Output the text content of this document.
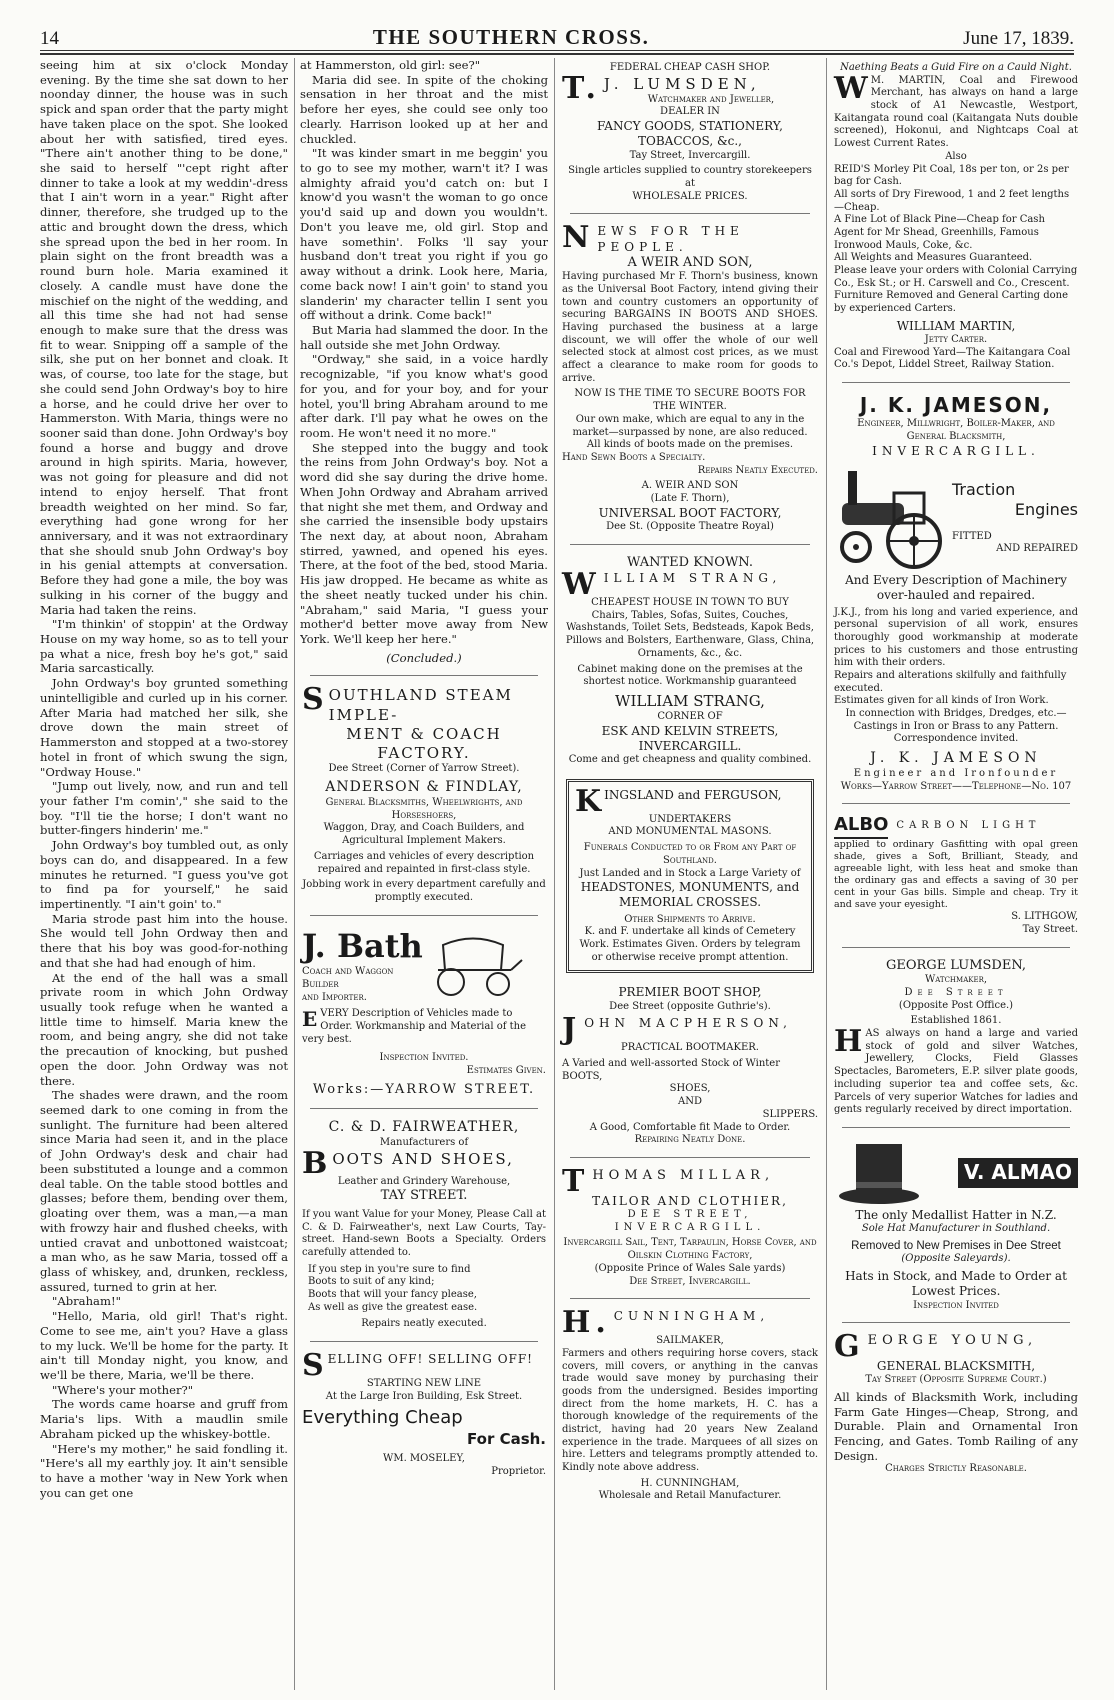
14	THE SOUTHERN CROSS.	June 17, 1839.

seeing him at six o'clock Monday evening. By the time she sat down to her noonday dinner, the house was in such spick and span order that the party might have taken place on the spot. She looked about her with satisfied, tired eyes. "There ain't another thing to be done," she said to herself "'cept right after dinner to take a look at my weddin'-dress that I ain't worn in a year." Right after dinner, therefore, she trudged up to the attic and brought down the dress, which she spread upon the bed in her room. In plain sight on the front breadth was a round burn hole. Maria examined it closely. A candle must have done the mischief on the night of the wedding, and all this time she had not had sense enough to make sure that the dress was fit to wear. Snipping off a sample of the silk, she put on her bonnet and cloak. It was, of course, too late for the stage, but she could send John Ordway's boy to hire a horse, and he could drive her over to Hammerston. With Maria, things were no sooner said than done. John Ordway's boy found a horse and buggy and drove around in high spirits. Maria, however, was not going for pleasure and did not intend to enjoy herself. That front breadth weighted on her mind. So far, everything had gone wrong for her anniversary, and it was not extraordinary that she should snub John Ordway's boy in his genial attempts at conversation. Before they had gone a mile, the boy was sulking in his corner of the buggy and Maria had taken the reins.

"I'm thinkin' of stoppin' at the Ordway House on my way home, so as to tell your pa what a nice, fresh boy he's got," said Maria sarcastically.

John Ordway's boy grunted something unintelligible and curled up in his corner. After Maria had matched her silk, she drove down the main street of Hammerston and stopped at a two-storey hotel in front of which swung the sign, "Ordway House."

"Jump out lively, now, and run and tell your father I'm comin'," she said to the boy. "I'll tie the horse; I don't want no butter-fingers hinderin' me."

John Ordway's boy tumbled out, as only boys can do, and disappeared. In a few minutes he returned. "I guess you've got to find pa for yourself," he said impertinently. "I ain't goin' to."

Maria strode past him into the house. She would tell John Ordway then and there that his boy was good-for-nothing and that she had had enough of him.

At the end of the hall was a small private room in which John Ordway usually took refuge when he wanted a little time to himself. Maria knew the room, and being angry, she did not take the precaution of knocking, but pushed open the door. John Ordway was not there.

The shades were drawn, and the room seemed dark to one coming in from the sunlight. The furniture had been altered since Maria had seen it, and in the place of John Ordway's desk and chair had been substituted a lounge and a common deal table. On the table stood bottles and glasses; before them, bending over them, gloating over them, was a man,—a man with frowzy hair and flushed cheeks, with untied cravat and unbottoned waistcoat; a man who, as he saw Maria, tossed off a glass of whiskey, and, drunken, reckless, assured, turned to grin at her.

"Abraham!"

"Hello, Maria, old girl! That's right. Come to see me, ain't you? Have a glass to my luck. We'll be home for the party. It ain't till Monday night, you know, and we'll be there, Maria, we'll be there.

"Where's your mother?"

The words came hoarse and gruff from Maria's lips. With a maudlin smile Abraham picked up the whiskey-bottle.

"Here's my mother," he said fondling it. "Here's all my earthly joy. It ain't sensible to have a mother 'way in New York when you can get one

at Hammerston, old girl: see?"

Maria did see. In spite of the choking sensation in her throat and the mist before her eyes, she could see only too clearly. Harrison looked up at her and chuckled.

"It was kinder smart in me beggin' you to go to see my mother, warn't it? I was almighty afraid you'd catch on: but I know'd you wasn't the woman to go once you'd said up and down you wouldn't. Don't you leave me, old girl. Stop and have somethin'. Folks 'll say your husband don't treat you right if you go away without a drink. Look here, Maria, come back now! I ain't goin' to stand you slanderin' my character tellin I sent you off without a drink. Come back!"

But Maria had slammed the door. In the hall outside she met John Ordway.

"Ordway," she said, in a voice hardly recognizable, "if you know what's good for you, and for your boy, and for your hotel, you'll bring Abraham around to me after dark. I'll pay what he owes on the room. He won't need it no more."

She stepped into the buggy and took the reins from John Ordway's boy. Not a word did she say during the drive home. When John Ordway and Abraham arrived that night she met them, and Ordway and she carried the insensible body upstairs The next day, at about noon, Abraham stirred, yawned, and opened his eyes. There, at the foot of the bed, stood Maria. His jaw dropped. He became as white as the sheet neatly tucked under his chin. "Abraham," said Maria, "I guess your mother'd better move away from New York. We'll keep her here."

(Concluded.)
SOUTHLAND STEAM IMPLE-
MENT & COACH FACTORY.
Dee Street (Corner of Yarrow Street).
ANDERSON & FINDLAY,
General Blacksmiths, Wheelwrights, and Horseshoers,
Waggon, Dray, and Coach Builders, and Agricultural Implement Makers.
Carriages and vehicles of every description repaired and repainted in first-class style.
Jobbing work in every department carefully and promptly executed.
J. Bath
Coach and Waggon
Builder
and Importer.
EVERY Description of Vehicles made to Order. Workmanship and Material of the very best.
Inspection Invited.
Estimates Given.
Works:—YARROW STREET.
C. & D. FAIRWEATHER,
Manufacturers of
BOOTS AND SHOES,
Leather and Grindery Warehouse,
TAY STREET.
If you want Value for your Money, Please Call at C. & D. Fairweather's, next Law Courts, Tay-street. Hand-sewn Boots a Specialty. Orders carefully attended to.
If you step in you're sure to find
Boots to suit of any kind;
Boots that will your fancy please,
As well as give the greatest ease.
Repairs neatly executed.
SELLING OFF! SELLING OFF!
STARTING NEW LINE
At the Large Iron Building, Esk Street.
Everything Cheap
For Cash.
WM. MOSELEY,
Proprietor.
FEDERAL CHEAP CASH SHOP.
T. J. LUMSDEN,
Watchmaker and Jeweller,
DEALER IN
FANCY GOODS, STATIONERY, TOBACCOS, &c.,
Tay Street, Invercargill.
Single articles supplied to country storekeepers at
WHOLESALE PRICES.
NEWS FOR THE PEOPLE.
A WEIR AND SON,
Having purchased Mr F. Thorn's business, known as the Universal Boot Factory, intend giving their town and country customers an opportunity of securing BARGAINS IN BOOTS AND SHOES. Having purchased the business at a large discount, we will offer the whole of our well selected stock at almost cost prices, as we must affect a clearance to make room for goods to arrive.
NOW IS THE TIME TO SECURE BOOTS FOR THE WINTER.
Our own make, which are equal to any in the market—surpassed by none, are also reduced.
All kinds of boots made on the premises.
Hand Sewn Boots a Specialty.
Repairs Neatly Executed.
A. WEIR AND SON
(Late F. Thorn),
UNIVERSAL BOOT FACTORY,
Dee St. (Opposite Theatre Royal)
WANTED KNOWN.
WILLIAM STRANG,
CHEAPEST HOUSE IN TOWN TO BUY
Chairs, Tables, Sofas, Suites, Couches, Washstands, Toilet Sets, Bedsteads, Kapok Beds, Pillows and Bolsters, Earthenware, Glass, China, Ornaments, &c., &c.
Cabinet making done on the premises at the shortest notice. Workmanship guaranteed
WILLIAM STRANG,
CORNER OF
ESK AND KELVIN STREETS, INVERCARGILL.
Come and get cheapness and quality combined.
KINGSLAND and FERGUSON,
UNDERTAKERS
AND MONUMENTAL MASONS.
Funerals Conducted to or From any Part of Southland.
Just Landed and in Stock a Large Variety of
HEADSTONES, MONUMENTS, and MEMORIAL CROSSES.
Other Shipments to Arrive.
K. and F. undertake all kinds of Cemetery Work. Estimates Given. Orders by telegram or otherwise receive prompt attention.
PREMIER BOOT SHOP,
Dee Street (opposite Guthrie's).
JOHN MACPHERSON,
PRACTICAL BOOTMAKER.
A Varied and well-assorted Stock of Winter BOOTS,
SHOES,
AND
SLIPPERS.
A Good, Comfortable fit Made to Order.
Repairing Neatly Done.
THOMAS MILLAR,
TAILOR AND CLOTHIER,
DEE STREET,
INVERCARGILL.
Invercargill Sail, Tent, Tarpaulin, Horse Cover, and Oilskin Clothing Factory,
(Opposite Prince of Wales Sale yards)
Dee Street, Invercargill.
H. CUNNINGHAM,
SAILMAKER,
Farmers and others requiring horse covers, stack covers, mill covers, or anything in the canvas trade would save money by purchasing their goods from the undersigned. Besides importing direct from the home markets, H. C. has a thorough knowledge of the requirements of the district, having had 20 years New Zealand experience in the trade. Marquees of all sizes on hire. Letters and telegrams promptly attended to. Kindly note above address.
H. CUNNINGHAM,
Wholesale and Retail Manufacturer.
Naething Beats a Guid Fire on a Cauld Night.
W M. MARTIN, Coal and Firewood Merchant, has always on hand a large stock of A1 Newcastle, Westport, Kaitangata round coal (Kaitangata Nuts double screened), Hokonui, and Nightcaps Coal at Lowest Current Rates.
Also
REID'S Morley Pit Coal, 18s per ton, or 2s per bag for Cash.
All sorts of Dry Firewood, 1 and 2 feet lengths—Cheap.
A Fine Lot of Black Pine—Cheap for Cash Agent for Mr Shead, Greenhills, Famous Ironwood Mauls, Coke, &c.
All Weights and Measures Guaranteed.
Please leave your orders with Colonial Carrying Co., Esk St.; or H. Carswell and Co., Crescent.
Furniture Removed and General Carting done by experienced Carters.
WILLIAM MARTIN,
Jetty Carter.
Coal and Firewood Yard—The Kaitangara Coal Co.'s Depot, Liddel Street, Railway Station.
J. K. JAMESON,
Engineer, Millwright, Boiler-Maker, and
General Blacksmith,
INVERCARGILL.
Traction
Engines
FITTED
AND REPAIRED
And Every Description of Machinery over-hauled and repaired.
J.K.J., from his long and varied experience, and personal supervision of all work, ensures thoroughly good workmanship at moderate prices to his customers and those entrusting him with their orders.
Repairs and alterations skilfully and faithfully executed.
Estimates given for all kinds of Iron Work.
In connection with Bridges, Dredges, etc.—Castings in Iron or Brass to any Pattern.
Correspondence invited.
J. K. JAMESON
Engineer and Ironfounder
Works—Yarrow Street——Telephone—No. 107
ALBO CARBON LIGHT
applied to ordinary Gasfitting with opal green shade, gives a Soft, Brilliant, Steady, and agreeable light, with less heat and smoke than the ordinary gas and effects a saving of 30 per cent in your Gas bills. Simple and cheap. Try it and save your eyesight.
S. LITHGOW,
Tay Street.
GEORGE LUMSDEN,
Watchmaker,
Dee Street
(Opposite Post Office.)
Established 1861.
HAS always on hand a large and varied stock of gold and silver Watches, Jewellery, Clocks, Field Glasses Spectacles, Barometers, E.P. silver plate goods, including superior tea and coffee sets, &c. Parcels of very superior Watches for ladies and gents regularly received by direct importation.
V. ALMAO
The only Medallist Hatter in N.Z.
Sole Hat Manufacturer in Southland.
Removed to New Premises in Dee Street
(Opposite Saleyards).
Hats in Stock, and Made to Order at Lowest Prices.
Inspection Invited
GEORGE YOUNG,
GENERAL BLACKSMITH,
Tay Street (Opposite Supreme Court.)
All kinds of Blacksmith Work, including Farm Gate Hinges—Cheap, Strong, and Durable. Plain and Ornamental Iron Fencing, and Gates. Tomb Railing of any Design.
Charges Strictly Reasonable.
